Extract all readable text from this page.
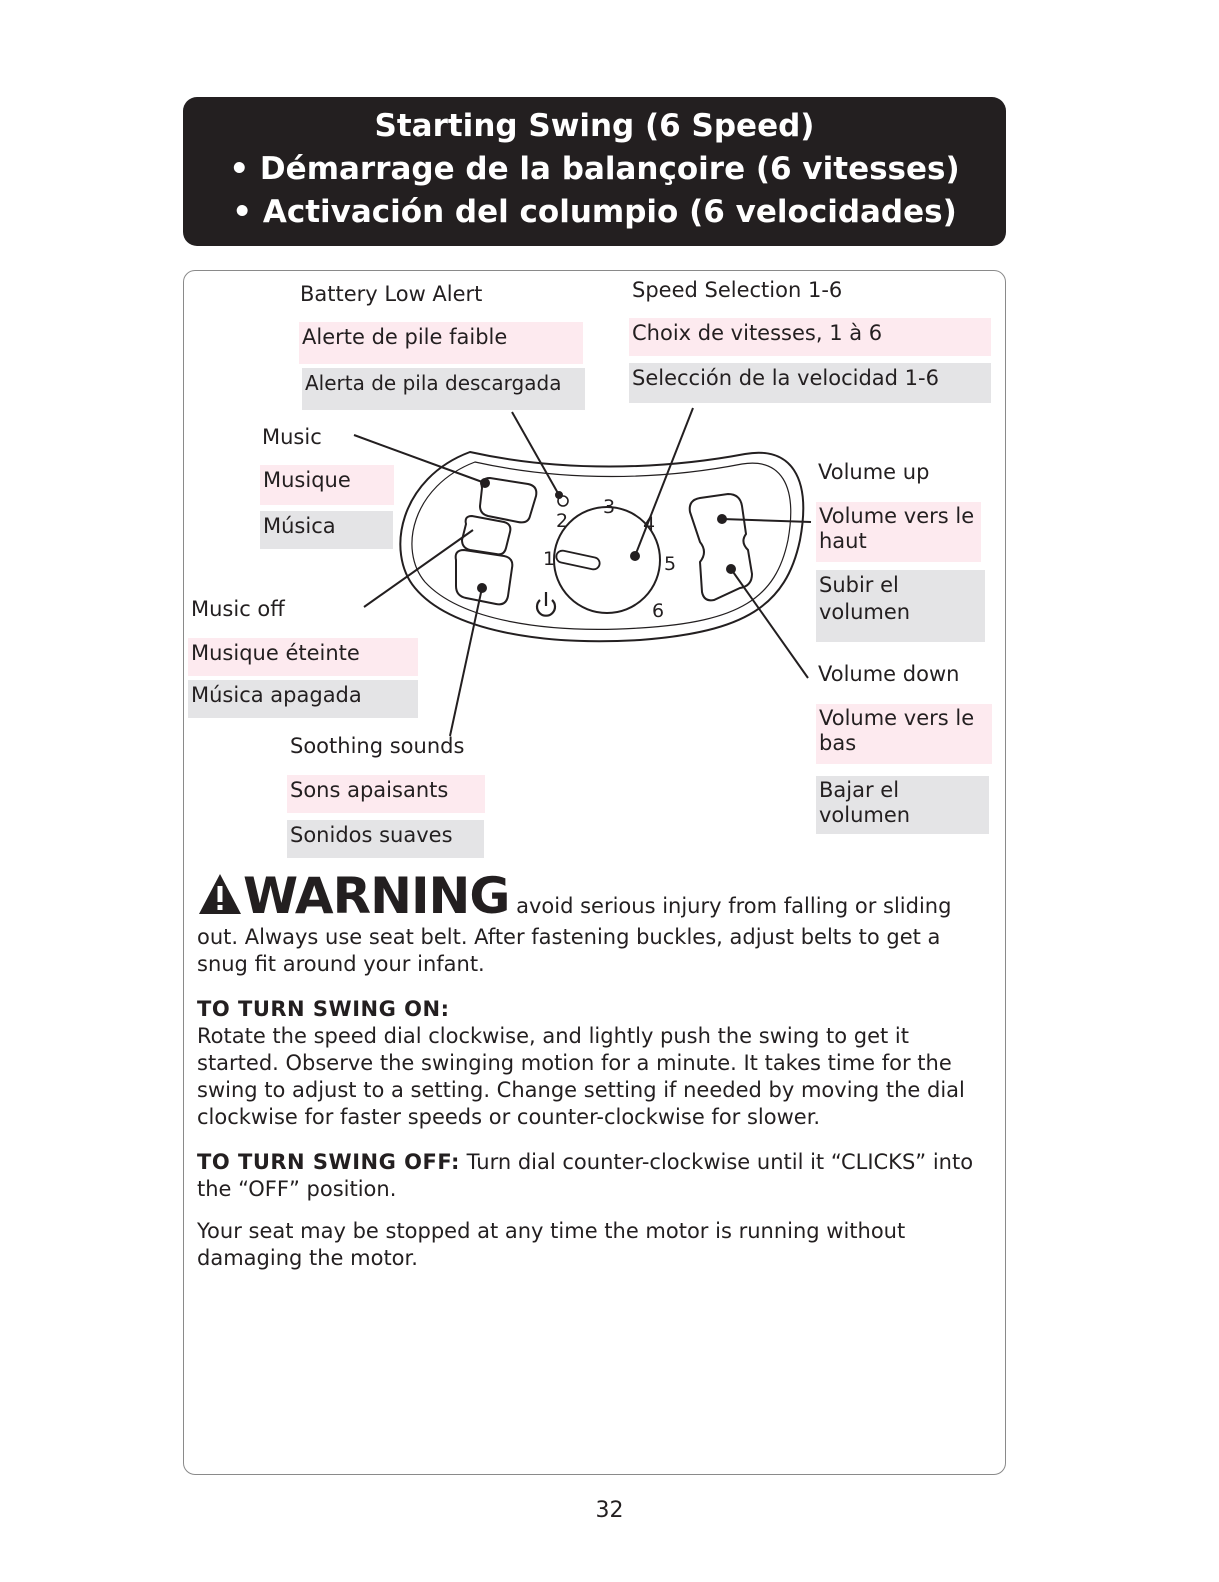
Starting Swing (6 Speed)
• Démarrage de la balançoire (6 vitesses)
• Activación del columpio (6 velocidades)
1
2
3
4
5
6
Battery Low Alert
Alerte de pile faible
Alerta de pila descargada
Speed Selection 1-6
Choix de vitesses, 1 à 6
Selección de la velocidad 1-6
Music
Musique
Música
Music off
Musique éteinte
Música apagada
Soothing sounds
Sons apaisants
Sonidos suaves
Volume up
Volume vers le haut
Subir el volumen
Volume down
Volume vers le bas
Bajar el volumen
WARNING avoid serious injury from falling or sliding out. Always use seat belt. After fastening buckles, adjust belts to get a snug fit around your infant.
TO TURN SWING ON:
Rotate the speed dial clockwise, and lightly push the swing to get it started. Observe the swinging motion for a minute. It takes time for the swing to adjust to a setting. Change setting if needed by moving the dial clockwise for faster speeds or counter-clockwise for slower.
TO TURN SWING OFF: Turn dial counter-clockwise until it “CLICKS” into the “OFF” position.
Your seat may be stopped at any time the motor is running without damaging the motor.
32
